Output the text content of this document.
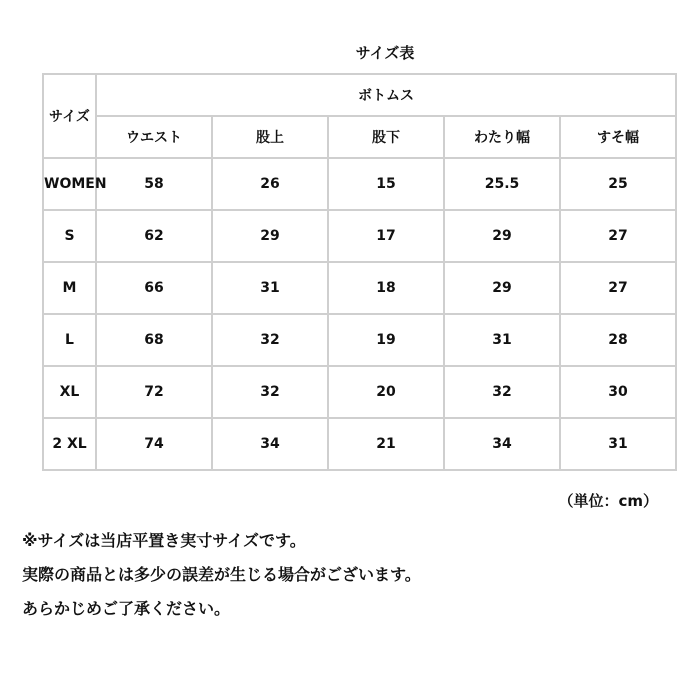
サイズ表
サイズ	ボトムス				
	ウエスト	股上	股下	わたり幅	すそ幅
WOMEN	58	26	15	25.5	25
S	62	29	17	29	27
M	66	31	18	29	27
L	68	32	19	31	28
XL	72	32	20	32	30
2 XL	74	34	21	34	31
（単位：cm）
※サイズは当店平置き実寸サイズです。
実際の商品とは多少の誤差が生じる場合がございます。
あらかじめご了承ください。
